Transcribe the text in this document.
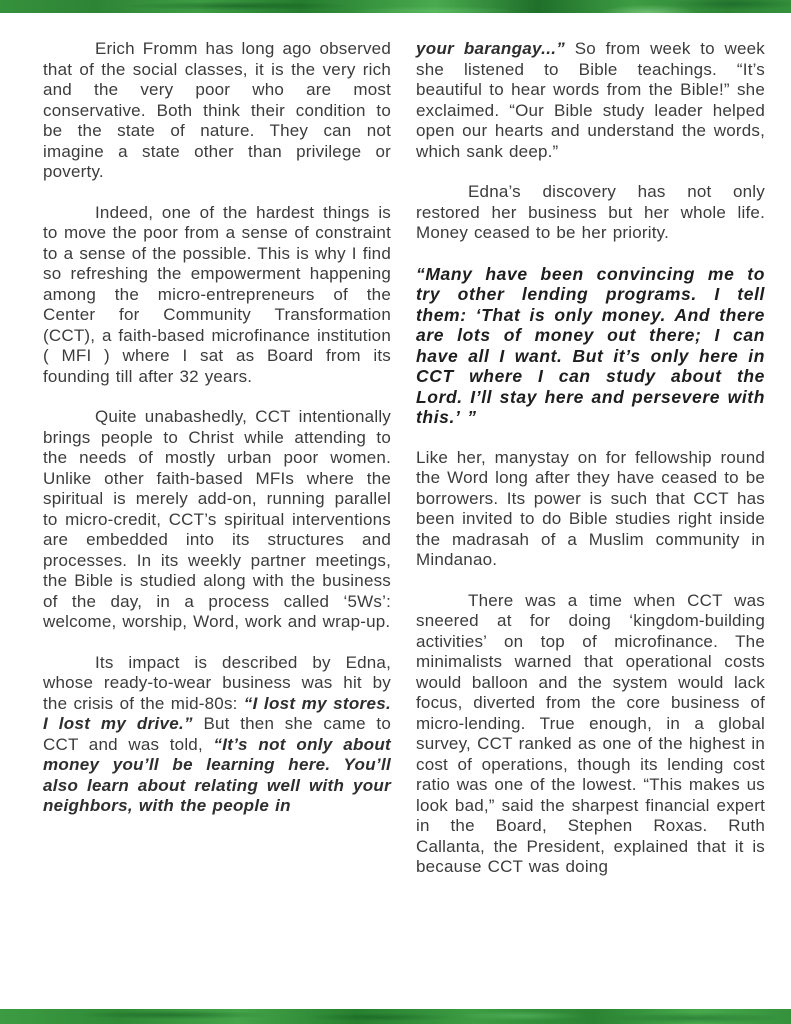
Erich Fromm has long ago observed that of the social classes, it is the very rich and the very poor who are most conservative. Both think their condition to be the state of nature. They can not imagine a state other than privilege or poverty.

Indeed, one of the hardest things is to move the poor from a sense of constraint to a sense of the possible. This is why I find so refreshing the empowerment happening among the micro-entrepreneurs of the Center for Community Transformation (CCT), a faith-based microfinance institution ( MFI ) where I sat as Board from its founding till after 32 years.

Quite unabashedly, CCT intentionally brings people to Christ while attending to the needs of mostly urban poor women. Unlike other faith-based MFIs where the spiritual is merely add-on, running parallel to micro-credit, CCT’s spiritual interventions are embedded into its structures and processes. In its weekly partner meetings, the Bible is studied along with the business of the day, in a process called ‘5Ws’: welcome, worship, Word, work and wrap-up.

Its impact is described by Edna, whose ready-to-wear business was hit by the crisis of the mid-80s: “I lost my stores. I lost my drive.” But then she came to CCT and was told, “It’s not only about money you’ll be learning here. You’ll also learn about relating well with your neighbors, with the people in

your barangay...” So from week to week she listened to Bible teachings. “It’s beautiful to hear words from the Bible!” she exclaimed. “Our Bible study leader helped open our hearts and understand the words, which sank deep.”

Edna’s discovery has not only restored her business but her whole life. Money ceased to be her priority.

“Many have been convincing me to try other lending programs. I tell them: ‘That is only money. And there are lots of money out there; I can have all I want. But it’s only here in CCT where I can study about the Lord. I’ll stay here and persevere with this.’ ”

Like her, manystay on for fellowship round the Word long after they have ceased to be borrowers. Its power is such that CCT has been invited to do Bible studies right inside the madrasah of a Muslim community in Mindanao.

There was a time when CCT was sneered at for doing ‘kingdom-building activities’ on top of microfinance. The minimalists warned that operational costs would balloon and the system would lack focus, diverted from the core business of micro-lending. True enough, in a global survey, CCT ranked as one of the highest in cost of operations, though its lending cost ratio was one of the lowest. “This makes us look bad,” said the sharpest financial expert in the Board, Stephen Roxas. Ruth Callanta, the President, explained that it is because CCT was doing
